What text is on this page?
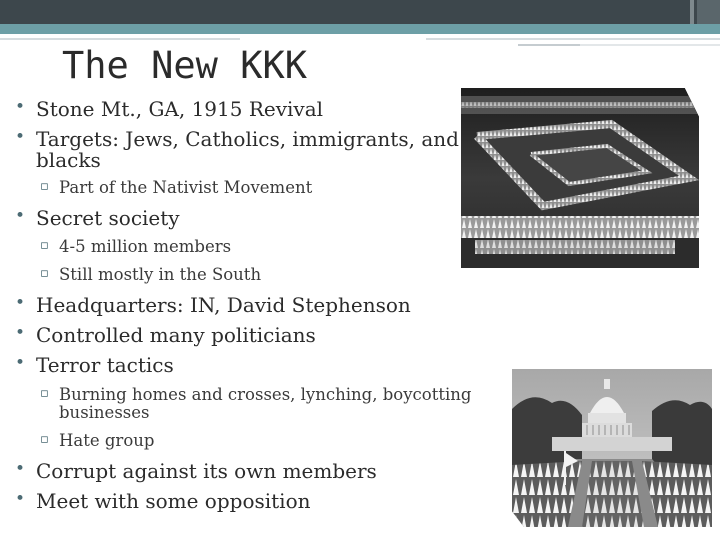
The New KKK
• Stone Mt., GA, 1915 Revival
• Targets: Jews, Catholics, immigrants, and
blacks
▫ Part of the Nativist Movement
• Secret society
▫ 4-5 million members
▫ Still mostly in the South
• Headquarters: IN, David Stephenson
• Controlled many politicians
• Terror tactics
▫ Burning homes and crosses, lynching, boycotting
businesses
▫ Hate group
• Corrupt against its own members
• Meet with some opposition
